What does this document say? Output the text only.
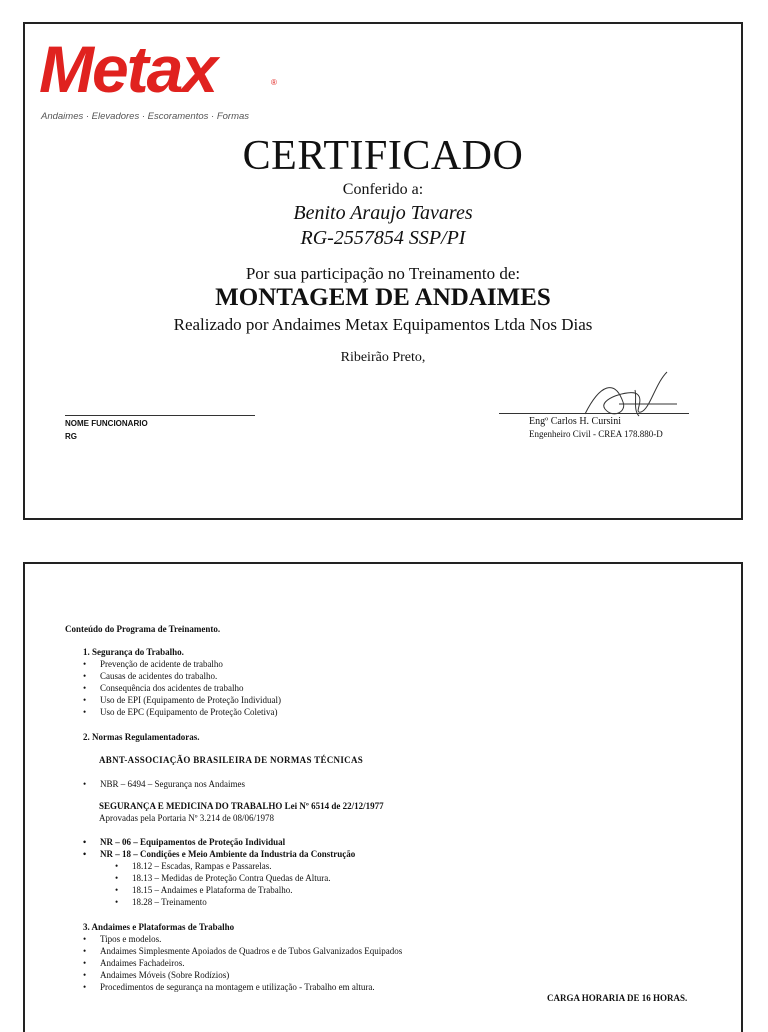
Metax	®
Andaimes · Elevadores · Escoramentos · Formas
CERTIFICADO
Conferido a:
Benito Araujo Tavares
RG-2557854 SSP/PI
Por sua participação no Treinamento de:
MONTAGEM DE ANDAIMES
Realizado por Andaimes Metax Equipamentos Ltda Nos Dias
Ribeirão Preto,
NOME FUNCIONARIO
RG
Engº Carlos H. Cursini
Engenheiro Civil - CREA 178.880-D
Conteúdo do Programa de Treinamento.
1. Segurança do Trabalho.
• Prevenção de acidente de trabalho
• Causas de acidentes do trabalho.
• Consequência dos acidentes de trabalho
• Uso de EPI (Equipamento de Proteção Individual)
• Uso de EPC (Equipamento de Proteção Coletiva)
2. Normas Regulamentadoras.
ABNT-ASSOCIAÇÃO BRASILEIRA DE NORMAS TÉCNICAS
• NBR – 6494 – Segurança nos Andaimes
SEGURANÇA E MEDICINA DO TRABALHO Lei Nº 6514 de 22/12/1977
Aprovadas pela Portaria Nº 3.214 de 08/06/1978
• NR – 06 – Equipamentos de Proteção Individual
• NR – 18 – Condições e Meio Ambiente da Industria da Construção
• 18.12 – Escadas, Rampas e Passarelas.
• 18.13 – Medidas de Proteção Contra Quedas de Altura.
• 18.15 – Andaimes e Plataforma de Trabalho.
• 18.28 – Treinamento
3. Andaimes e Plataformas de Trabalho
• Tipos e modelos.
• Andaimes Simplesmente Apoiados de Quadros e de Tubos Galvanizados Equipados
• Andaimes Fachadeiros.
• Andaimes Móveis (Sobre Rodízios)
• Procedimentos de segurança na montagem e utilização - Trabalho em altura.
CARGA HORARIA DE 16 HORAS.
